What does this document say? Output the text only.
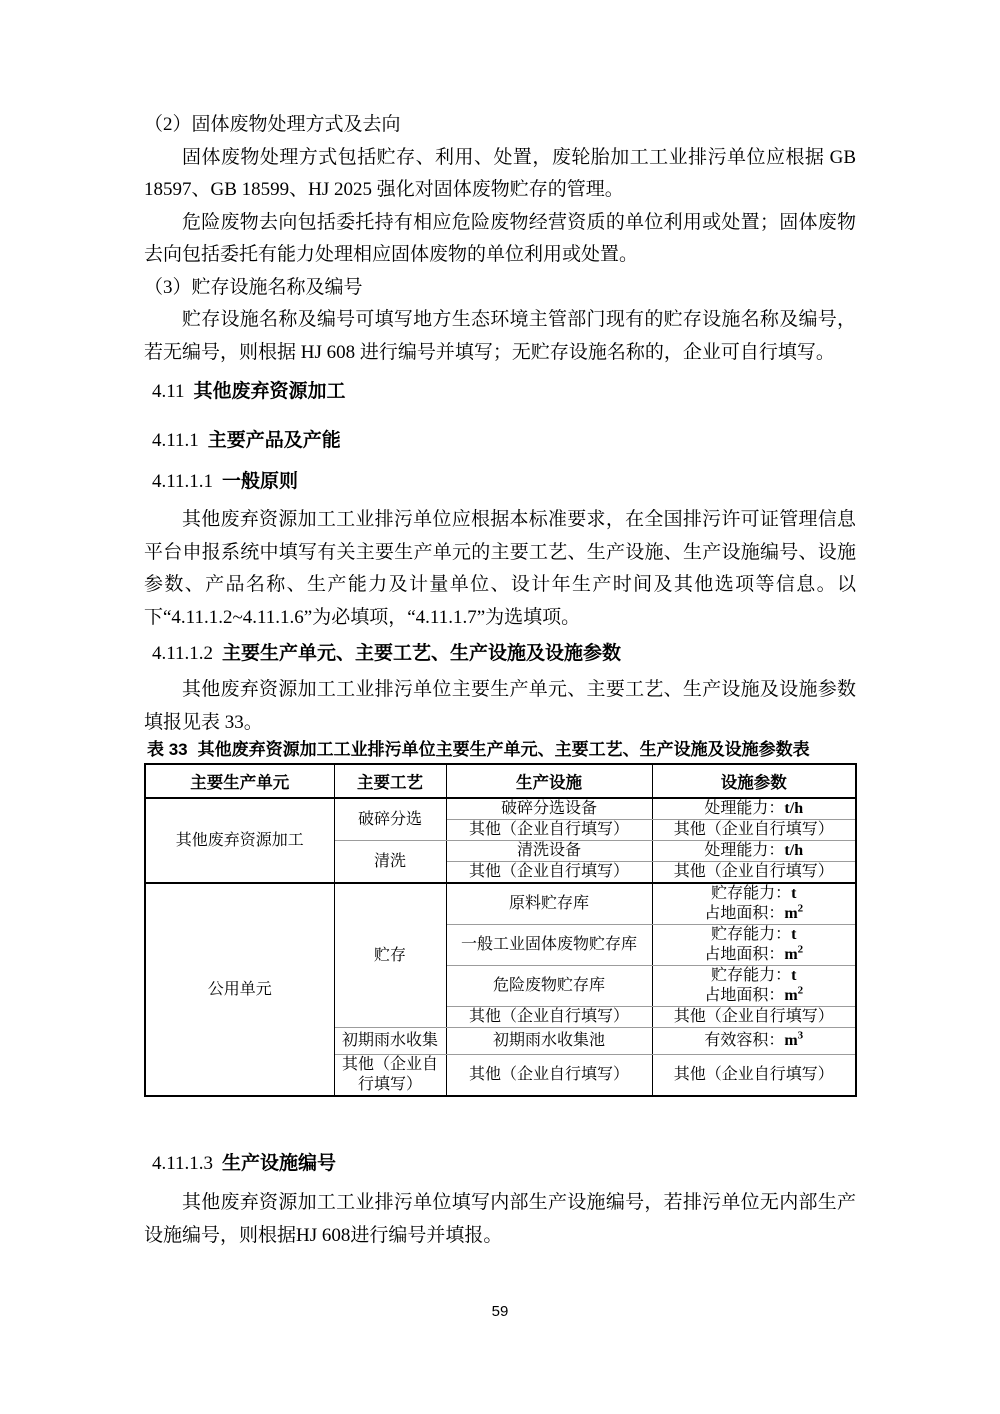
（2）固体废物处理方式及去向

固体废物处理方式包括贮存、利用、处置，废轮胎加工工业排污单位应根据 GB 18597、GB 18599、HJ 2025 强化对固体废物贮存的管理。

危险废物去向包括委托持有相应危险废物经营资质的单位利用或处置；固体废物去向包括委托有能力处理相应固体废物的单位利用或处置。

（3）贮存设施名称及编号

贮存设施名称及编号可填写地方生态环境主管部门现有的贮存设施名称及编号，若无编号，则根据 HJ 608 进行编号并填写；无贮存设施名称的，企业可自行填写。

4.11 其他废弃资源加工
4.11.1 主要产品及产能
4.11.1.1 一般原则

其他废弃资源加工工业排污单位应根据本标准要求，在全国排污许可证管理信息平台申报系统中填写有关主要生产单元的主要工艺、生产设施、生产设施编号、设施参数、产品名称、生产能力及计量单位、设计年生产时间及其他选项等信息。以下“4.11.1.2~4.11.1.6”为必填项，“4.11.1.7”为选填项。

4.11.1.2 主要生产单元、主要工艺、生产设施及设施参数

其他废弃资源加工工业排污单位主要生产单元、主要工艺、生产设施及设施参数填报见表 33。

表 33 其他废弃资源加工工业排污单位主要生产单元、主要工艺、生产设施及设施参数表

主要生产单元	主要工艺	生产设施	设施参数
其他废弃资源加工	破碎分选	破碎分选设备	处理能力：t/h
		其他（企业自行填写）	其他（企业自行填写）
	清洗	清洗设备	处理能力：t/h
		其他（企业自行填写）	其他（企业自行填写）
公用单元	贮存	原料贮存库	贮存能力：t
占地面积：$m^2$

		一般工业固体废物贮存库	贮存能力：t
占地面积：$m^2$

		危险废物贮存库	贮存能力：t
占地面积：$m^2$

		其他（企业自行填写）	其他（企业自行填写）
	初期雨水收集	初期雨水收集池	有效容积：$m^3$
	其他（企业自行填写）	其他（企业自行填写）	其他（企业自行填写）
4.11.1.3 生产设施编号

其他废弃资源加工工业排污单位填写内部生产设施编号，若排污单位无内部生产设施编号，则根据HJ 608进行编号并填报。

59
